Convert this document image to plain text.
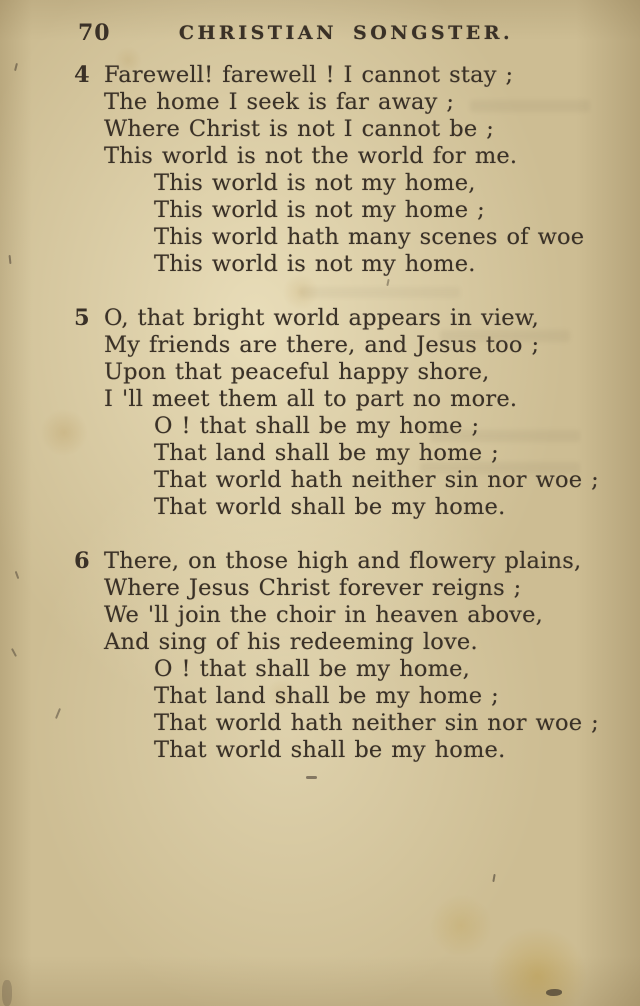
70	CHRISTIAN SONGSTER.
4 Farewell! farewell ! I cannot stay ;
The home I seek is far away ;
Where Christ is not I cannot be ;
This world is not the world for me.
This world is not my home,
This world is not my home ;
This world hath many scenes of woe
This world is not my home.
5 O, that bright world appears in view,
My friends are there, and Jesus too ;
Upon that peaceful happy shore,
I 'll meet them all to part no more.
O ! that shall be my home ;
That land shall be my home ;
That world hath neither sin nor woe ;
That world shall be my home.
6 There, on those high and flowery plains,
Where Jesus Christ forever reigns ;
We 'll join the choir in heaven above,
And sing of his redeeming love.
O ! that shall be my home,
That land shall be my home ;
That world hath neither sin nor woe ;
That world shall be my home.
